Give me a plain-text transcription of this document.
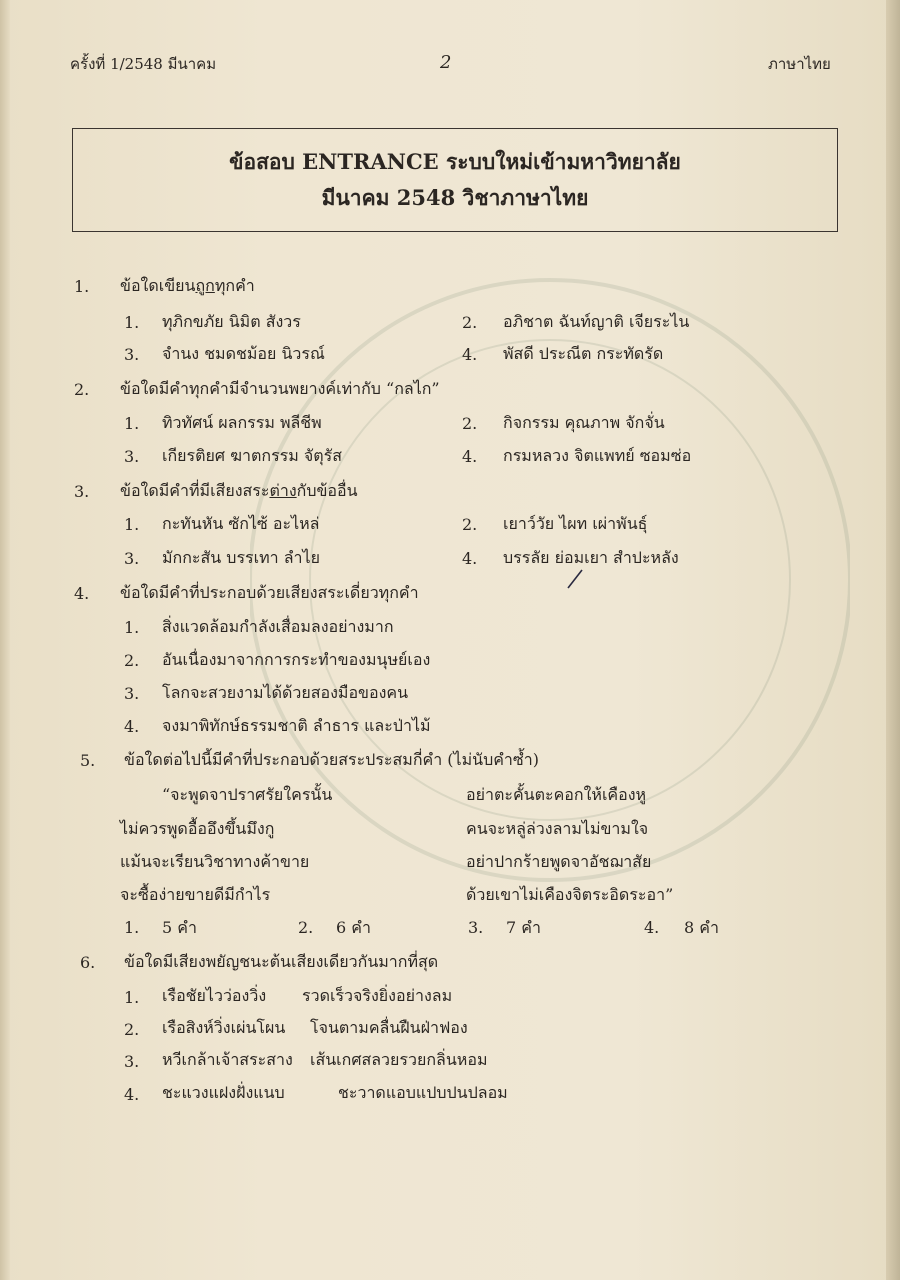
ครั้งที่ 1/2548 มีนาคม	2	ภาษาไทย
ข้อสอบ ENTRANCE ระบบใหม่เข้ามหาวิทยาลัย
มีนาคม 2548 วิชาภาษาไทย
1. ข้อใดเขียนถูกทุกคำ
1. ทุภิกขภัย นิมิต สังวร	2. อภิชาต ฉันท์ญาติ เจียระไน
3. จำนง ชมดชม้อย นิวรณ์	4. พัสดี ประณีต กระทัดรัด
2. ข้อใดมีคำทุกคำมีจำนวนพยางค์เท่ากับ “กลไก”
1. ทิวทัศน์ ผลกรรม พลีชีพ	2. กิจกรรม คุณภาพ จักจั่น
3. เกียรติยศ ฆาตกรรม จัตุรัส	4. กรมหลวง จิตแพทย์ ซอมซ่อ
3. ข้อใดมีคำที่มีเสียงสระต่างกับข้ออื่น
1. กะทันหัน ซักไซ้ อะไหล่	2. เยาว์วัย ไผท เผ่าพันธุ์
3. มักกะสัน บรรเทา ลำไย	4. บรรลัย ย่อมเยา สำปะหลัง
4. ข้อใดมีคำที่ประกอบด้วยเสียงสระเดี่ยวทุกคำ
1. สิ่งแวดล้อมกำลังเสื่อมลงอย่างมาก
2. อันเนื่องมาจากการกระทำของมนุษย์เอง
3. โลกจะสวยงามได้ด้วยสองมือของคน
4. จงมาพิทักษ์ธรรมชาติ ลำธาร และป่าไม้
5. ข้อใดต่อไปนี้มีคำที่ประกอบด้วยสระประสมกี่คำ (ไม่นับคำซ้ำ)
“จะพูดจาปราศรัยใครนั้น	อย่าตะคั้นตะคอกให้เคืองหู
ไม่ควรพูดอื้ออึงขึ้นมึงกู	คนจะหลู่ล่วงลามไม่ขามใจ
แม้นจะเรียนวิชาทางค้าขาย	อย่าปากร้ายพูดจาอัชฌาสัย
จะซื้อง่ายขายดีมีกำไร	ด้วยเขาไม่เคืองจิตระอิดระอา”
1. 5 คำ	2. 6 คำ	3. 7 คำ	4. 8 คำ
6. ข้อใดมีเสียงพยัญชนะต้นเสียงเดียวกันมากที่สุด
1. เรือชัยไวว่องวิ่ง รวดเร็วจริงยิ่งอย่างลม
2. เรือสิงห์วิ่งเผ่นโผน โจนตามคลื่นฝืนฝ่าฟอง
3. หวีเกล้าเจ้าสระสาง เส้นเกศสลวยรวยกลิ่นหอม
4. ชะแวงแฝงฝั่งแนบ	ชะวาดแอบแปบปนปลอม
